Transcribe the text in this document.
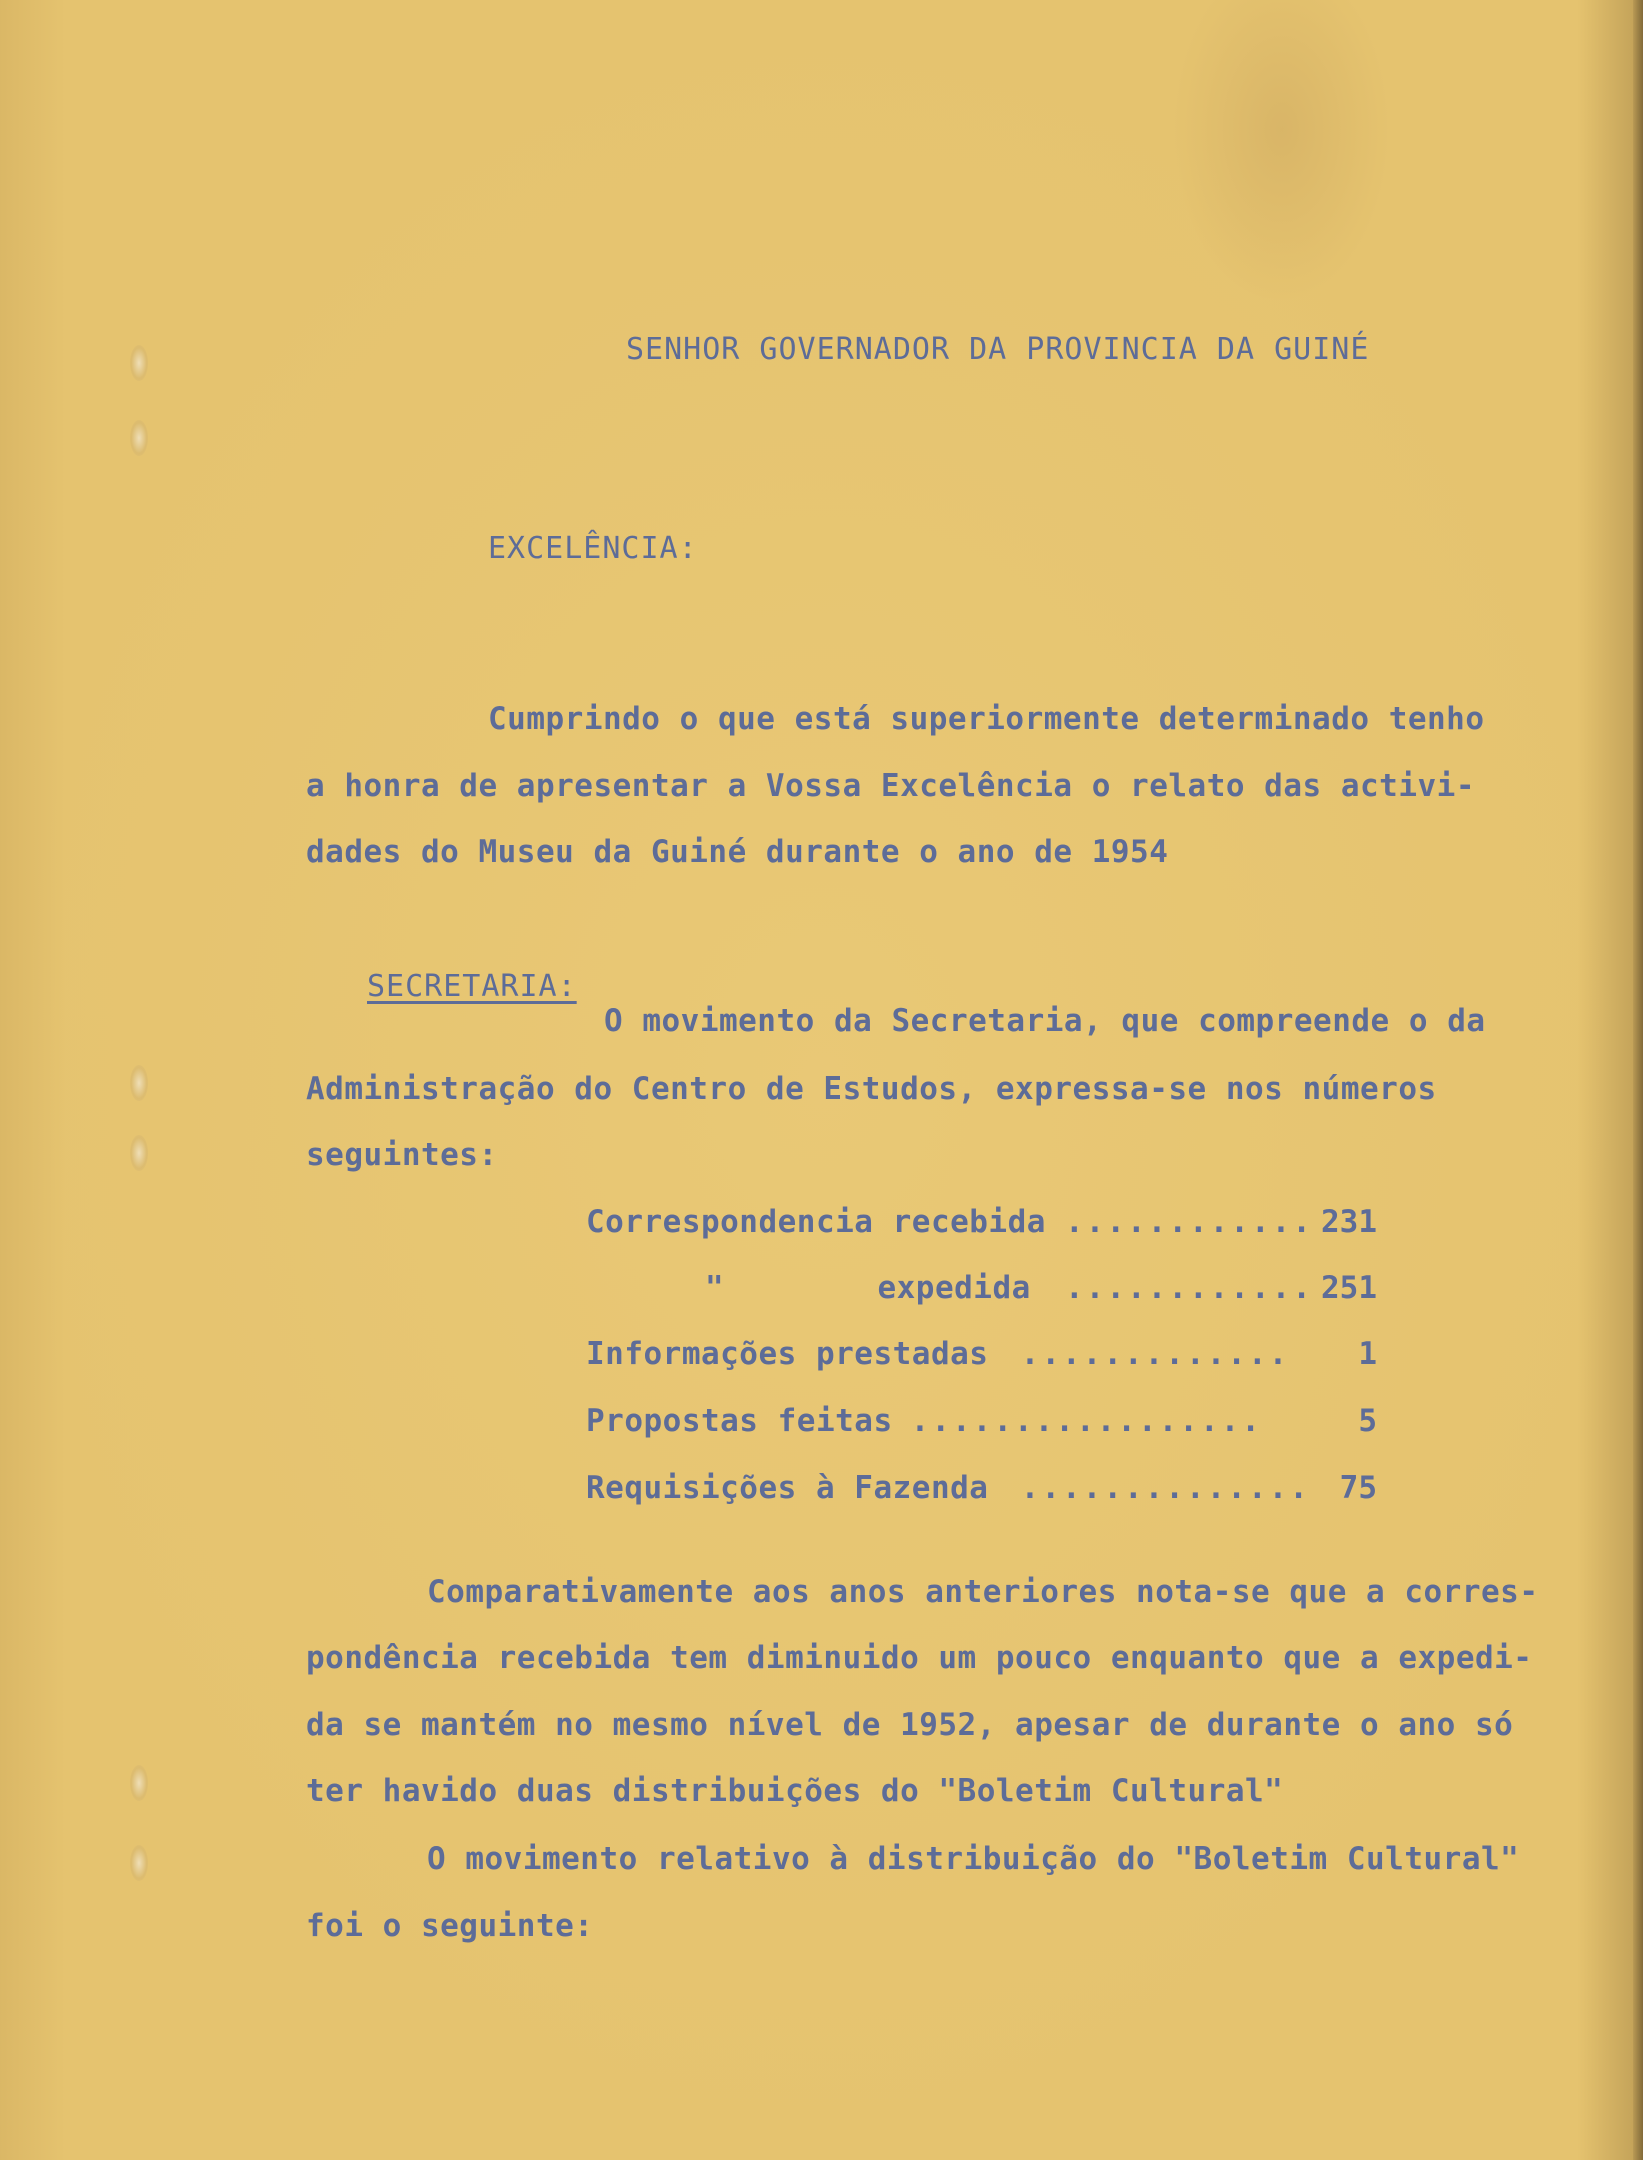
SENHOR GOVERNADOR DA PROVINCIA DA GUINÉ
EXCELÊNCIA:
Cumprindo o que está superiormente determinado tenho
a honra de apresentar a Vossa Excelência o relato das activi-
dades do Museu da Guiné durante o ano de 1954
SECRETARIA:
O movimento da Secretaria, que compreende o da
Administração do Centro de Estudos, expressa-se nos números
seguintes:
Correspondencia recebida ............ 231
"        expedida ............ 251
Informações prestadas .............	1
Propostas feitas
.................	5
Requisições à Fazenda .............. 75
Comparativamente aos anos anteriores nota-se que a corres-
pondência recebida tem diminuido um pouco enquanto que a expedi-
da se mantém no mesmo nível de 1952, apesar de durante o ano só
ter havido duas distribuições do "Boletim Cultural"
O movimento relativo à distribuição do "Boletim Cultural"
foi o seguinte:
